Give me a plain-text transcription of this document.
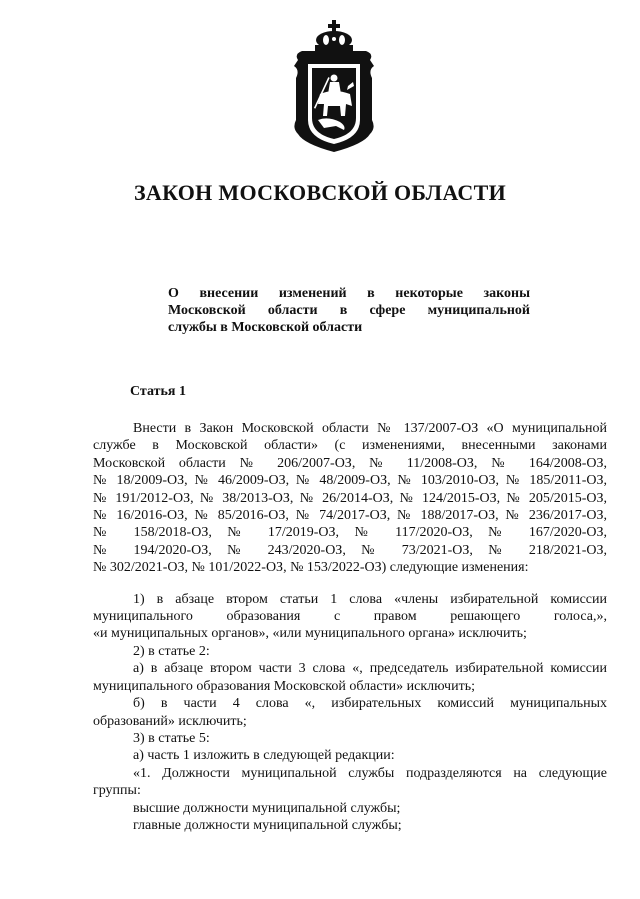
ЗАКОН МОСКОВСКОЙ ОБЛАСТИ
О внесении изменений в некоторые законы
Московской области в сфере муниципальной
службы в Московской области
Статья 1
Внести в Закон Московской области № 137/2007-ОЗ «О муниципальной
службе в Московской области» (с изменениями, внесенными законами
Московской области № 206/2007-ОЗ, № 11/2008-ОЗ, № 164/2008-ОЗ,
№ 18/2009-ОЗ, № 46/2009-ОЗ, № 48/2009-ОЗ, № 103/2010-ОЗ, № 185/2011-ОЗ,
№ 191/2012-ОЗ, № 38/2013-ОЗ, № 26/2014-ОЗ, № 124/2015-ОЗ, № 205/2015-ОЗ,
№ 16/2016-ОЗ, № 85/2016-ОЗ, № 74/2017-ОЗ, № 188/2017-ОЗ, № 236/2017-ОЗ,
№ 158/2018-ОЗ, № 17/2019-ОЗ, № 117/2020-ОЗ, № 167/2020-ОЗ,
№ 194/2020-ОЗ, № 243/2020-ОЗ, № 73/2021-ОЗ, № 218/2021-ОЗ,
№ 302/2021-ОЗ, № 101/2022-ОЗ, № 153/2022-ОЗ) следующие изменения:
1) в абзаце втором статьи 1 слова «члены избирательной комиссии
муниципального образования с правом решающего голоса,»,
«и муниципальных органов», «или муниципального органа» исключить;
2) в статье 2:
а) в абзаце втором части 3 слова «, председатель избирательной комиссии
муниципального образования Московской области» исключить;
б) в части 4 слова «, избирательных комиссий муниципальных
образований» исключить;
3) в статье 5:
а) часть 1 изложить в следующей редакции:
«1. Должности муниципальной службы подразделяются на следующие
группы:
высшие должности муниципальной службы;
главные должности муниципальной службы;
